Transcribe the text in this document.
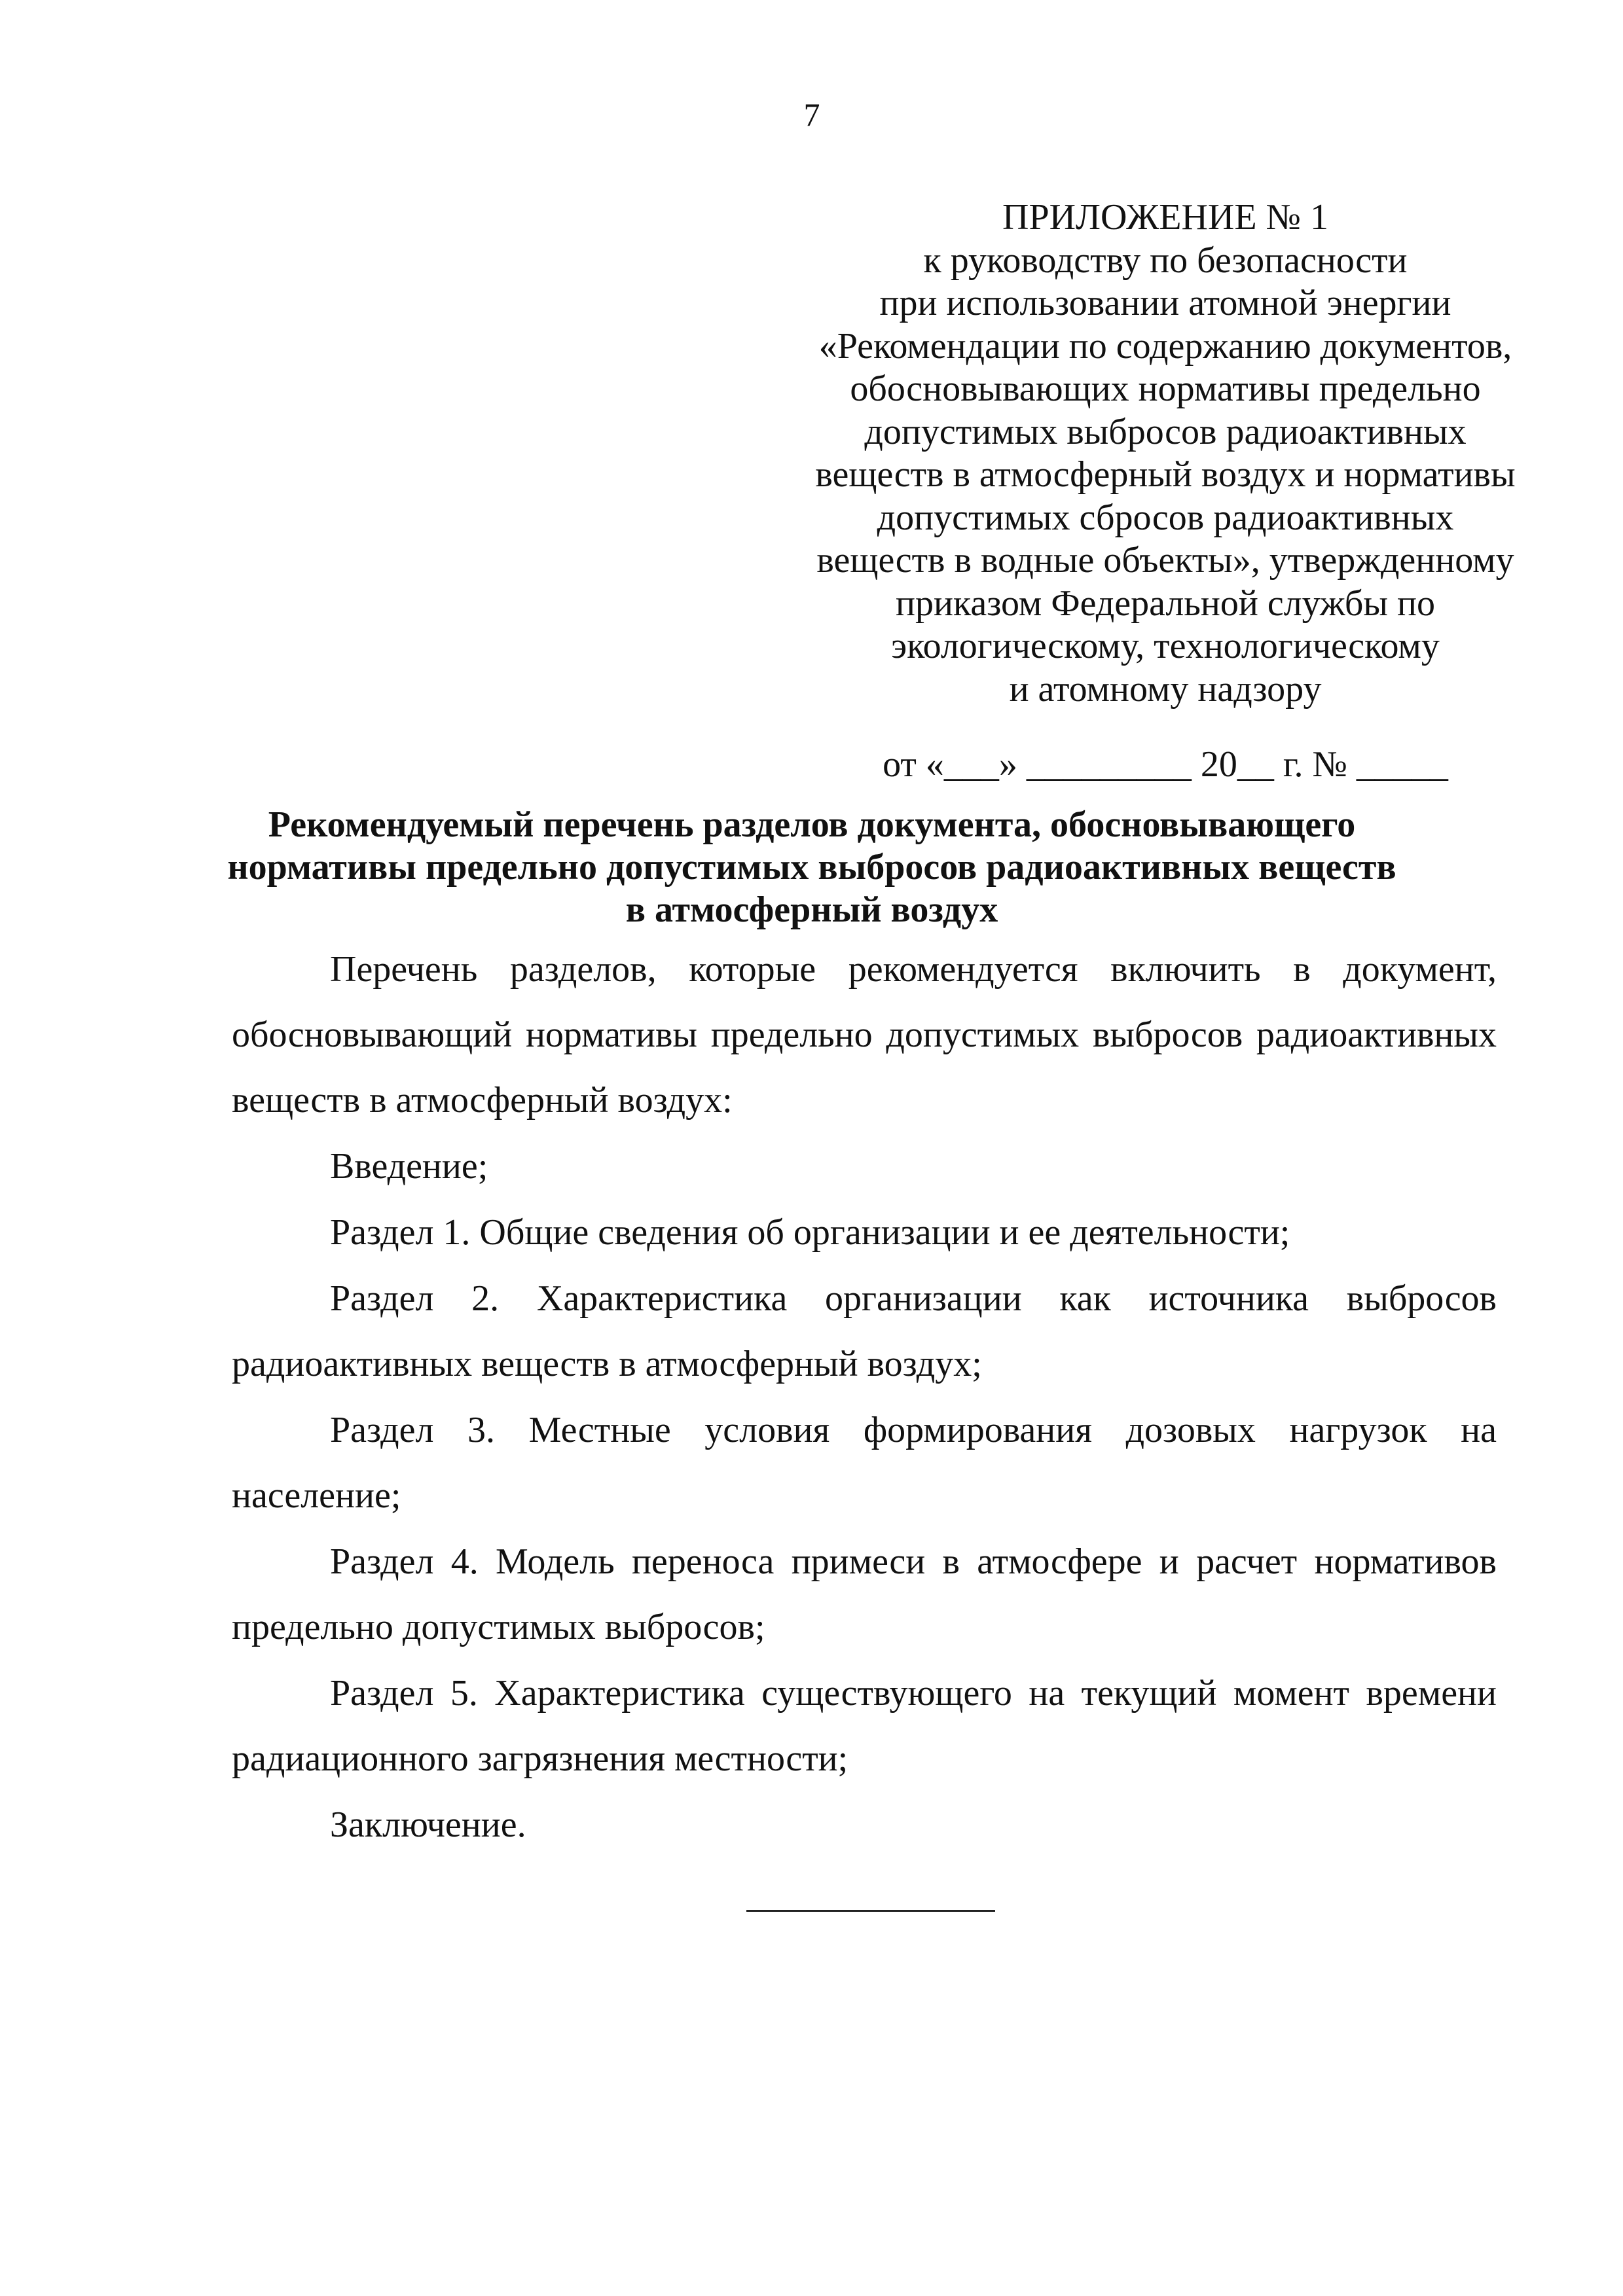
7
ПРИЛОЖЕНИЕ № 1
к руководству по безопасности
при использовании атомной энергии
«Рекомендации по содержанию документов,
обосновывающих нормативы предельно
допустимых выбросов радиоактивных
веществ в атмосферный воздух и нормативы
допустимых сбросов радиоактивных
веществ в водные объекты», утвержденному
приказом Федеральной службы по
экологическому, технологическому
и атомному надзору
от «___» _________ 20__ г. № _____
Рекомендуемый перечень разделов документа, обосновывающего
нормативы предельно допустимых выбросов радиоактивных веществ
в атмосферный воздух

Перечень разделов, которые рекомендуется включить в документ, обосновывающий нормативы предельно допустимых выбросов радиоактивных веществ в атмосферный воздух:

Введение;

Раздел 1. Общие сведения об организации и ее деятельности;

Раздел 2. Характеристика организации как источника выбросов радиоактивных веществ в атмосферный воздух;

Раздел 3. Местные условия формирования дозовых нагрузок на население;

Раздел 4. Модель переноса примеси в атмосфере и расчет нормативов предельно допустимых выбросов;

Раздел 5. Характеристика существующего на текущий момент времени радиационного загрязнения местности;

Заключение.
